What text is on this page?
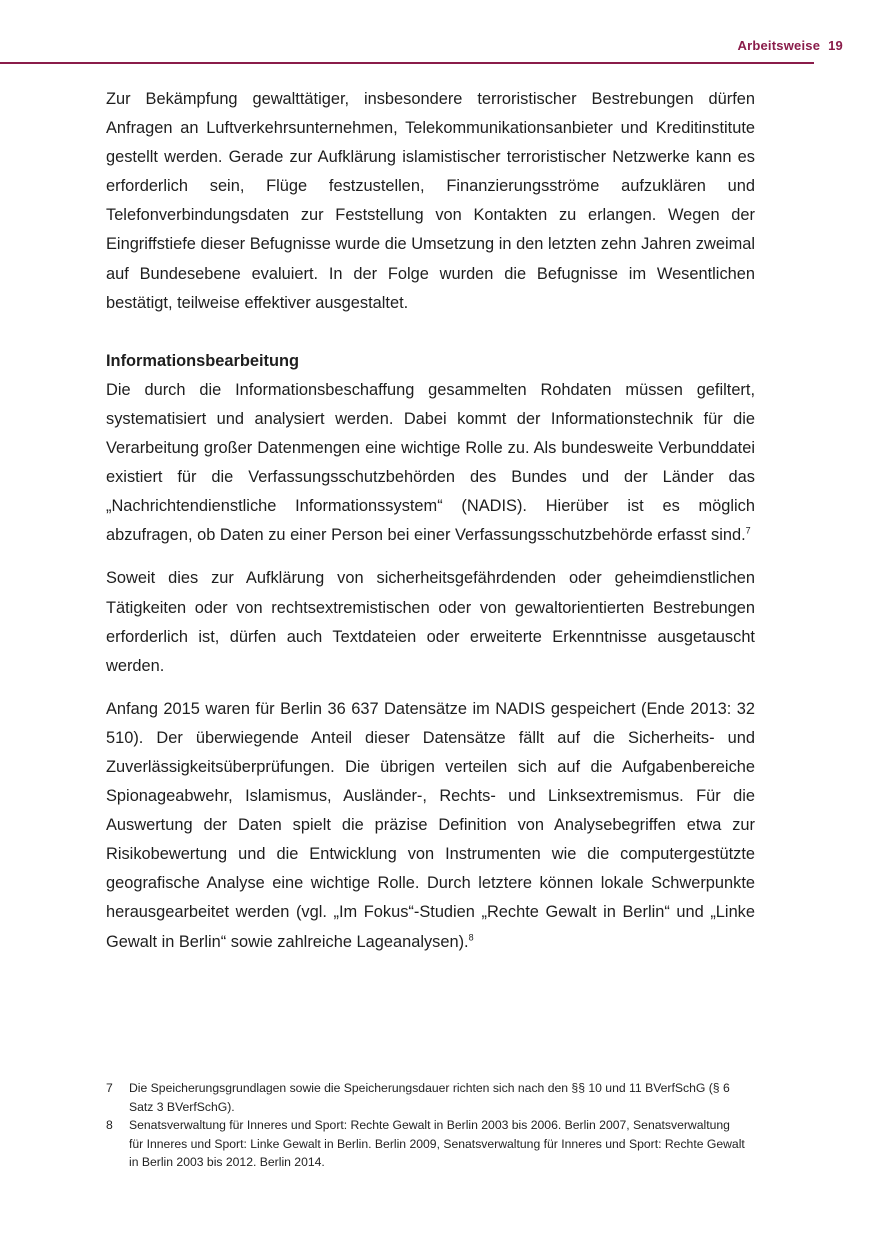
Arbeitsweise 19

Zur Bekämpfung gewalttätiger, insbesondere terroristischer Bestrebungen dürfen Anfragen an Luftverkehrsunternehmen, Telekommunikationsanbieter und Kreditinstitute gestellt werden. Gerade zur Aufklärung islamistischer terroristischer Netzwerke kann es erforderlich sein, Flüge festzustellen, Finanzierungsströme aufzuklären und Telefonverbindungsdaten zur Feststellung von Kontakten zu erlangen. Wegen der Eingriffstiefe dieser Befugnisse wurde die Umsetzung in den letzten zehn Jahren zweimal auf Bundesebene evaluiert. In der Folge wurden die Befugnisse im Wesentlichen bestätigt, teilweise effektiver ausgestaltet.

Informationsbearbeitung

Die durch die Informationsbeschaffung gesammelten Rohdaten müssen gefiltert, systematisiert und analysiert werden. Dabei kommt der Informationstechnik für die Verarbeitung großer Datenmengen eine wichtige Rolle zu. Als bundesweite Verbunddatei existiert für die Verfassungsschutzbehörden des Bundes und der Länder das „Nachrichtendienstliche Informationssystem“ (NADIS). Hierüber ist es möglich abzufragen, ob Daten zu einer Person bei einer Verfassungsschutzbehörde erfasst sind.$^7$

Soweit dies zur Aufklärung von sicherheitsgefährdenden oder geheimdienstlichen Tätigkeiten oder von rechtsextremistischen oder von gewaltorientierten Bestrebungen erforderlich ist, dürfen auch Textdateien oder erweiterte Erkenntnisse ausgetauscht werden.

Anfang 2015 waren für Berlin 36 637 Datensätze im NADIS gespeichert (Ende 2013: 32 510). Der überwiegende Anteil dieser Datensätze fällt auf die Sicherheits- und Zuverlässigkeitsüberprüfungen. Die übrigen verteilen sich auf die Aufgabenbereiche Spionageabwehr, Islamismus, Ausländer-, Rechts- und Linksextremismus. Für die Auswertung der Daten spielt die präzise Definition von Analysebegriffen etwa zur Risikobewertung und die Entwicklung von Instrumenten wie die computergestützte geografische Analyse eine wichtige Rolle. Durch letztere können lokale Schwerpunkte herausgearbeitet werden (vgl. „Im Fokus“-Studien „Rechte Gewalt in Berlin“ und „Linke Gewalt in Berlin“ sowie zahlreiche Lageanalysen).$^8$

7	Die Speicherungsgrundlagen sowie die Speicherungsdauer richten sich nach den §§ 10 und 11 BVerfSchG (§ 6 Satz 3 BVerfSchG).
8	Senatsverwaltung für Inneres und Sport: Rechte Gewalt in Berlin 2003 bis 2006. Berlin 2007, Senatsverwaltung für Inneres und Sport: Linke Gewalt in Berlin. Berlin 2009, Senatsverwaltung für Inneres und Sport: Rechte Gewalt in Berlin 2003 bis 2012. Berlin 2014.
